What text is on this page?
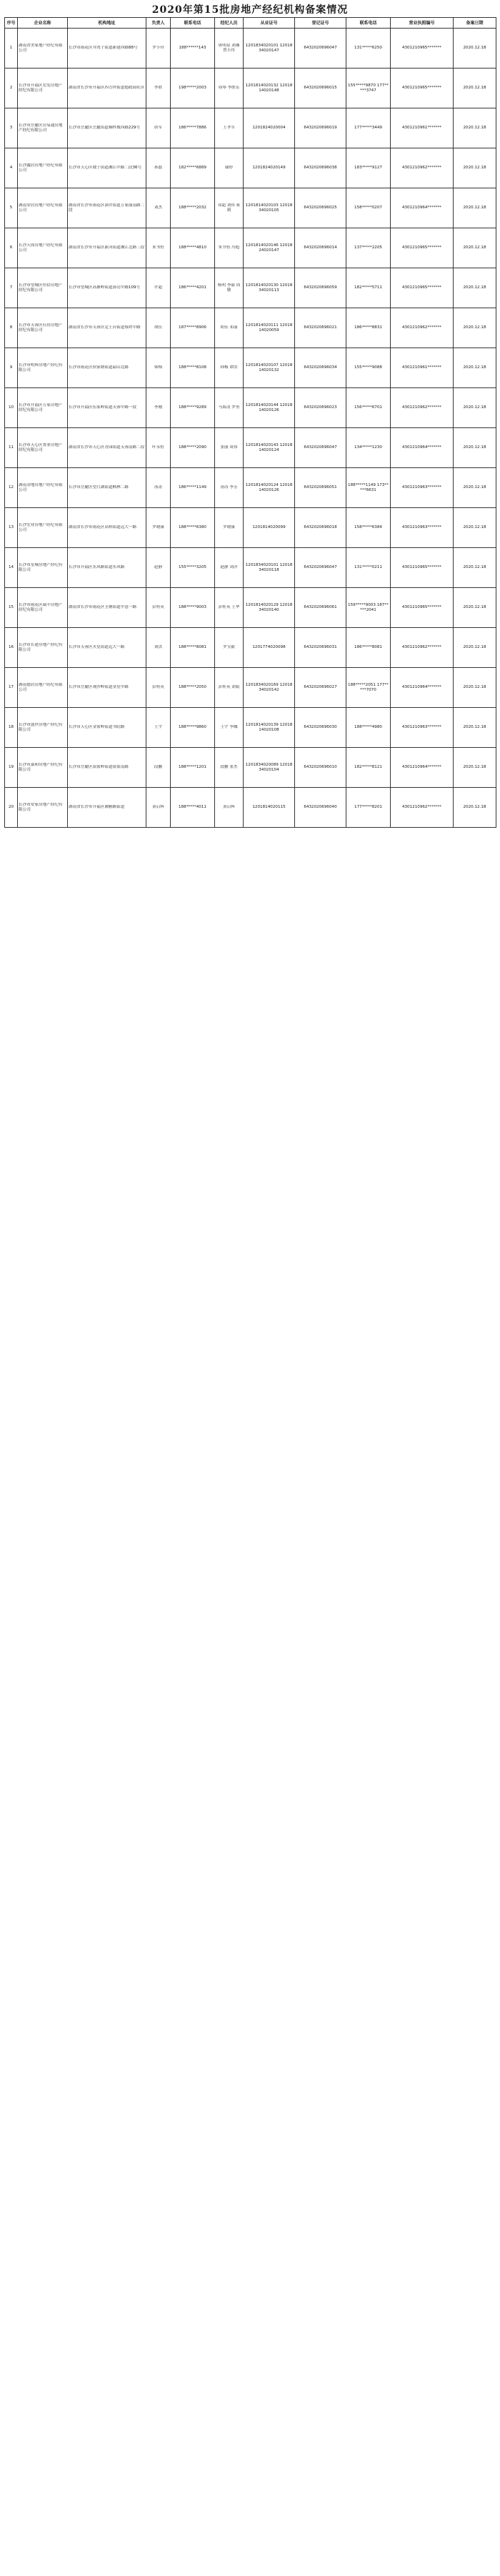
2020年第15批房地产经纪机构备案情况
序号	企业名称	机构地址	负责人	联系电话	经纪人员	从业证号	登记证号	联系电话	营业执照编号	备案日期

1	湖南省美家地产经纪有限公司	长沙市雨花区井湾子街道新建西路88号	罗小玲	188******143	唐明泉 刘湘 曾小玲	1201834020101 1201834020147	6432020696047	131*****6250	4301210965*******	2020.12.18

2	长沙市开福区宏发房地产经纪有限公司	湖南省长沙市开福区四方坪街道德政园社区	李胜	198*****2003	周琴 李胜乐	1201814020132 1201814020148	6432020696015	155*****9870 177*****3747	4301210965*******	2020.12.18

3	长沙市岳麓区房易通房地产经纪有限公司	长沙市岳麓区岳麓街道桐梓坡西路229号	唐军	186*****7886	王孝军	1201824020004	6432020696019	177*****3449	4301210961*******	2020.12.18

4	长沙鑫居房地产经纪有限公司	长沙市天心区坡子街道湘江中路二段36号	孙磊	182*****6889	谢婷	1201824020149	6432020696038	183*****9127	4301210962*******	2020.12.18

5	湖南安居房地产经纪有限公司	湖南省长沙市雨花区洞井街道万家丽南路二段	刘杰	188*****2032	邓超 刘伟 蒋莉	1201814020103 1201834020105	6432020696025	158*****0207	4301210964*******	2020.12.18

6	长沙天成房地产经纪有限公司	湖南省长沙市开福区新河街道湘江北路三段	朱书恒	188*****4810	朱书恒 冯旭	1201814020146 1201824020147	6432020696014	137*****2205	4301210965*******	2020.12.18

7	长沙市望城区恒信房地产经纪有限公司	长沙市望城区高塘岭街道郭亮中路109号	许超	186*****4201	杨明 李丽 周敏	1201814020130 1201834020113	6432020696059	182*****5711	4301210965*******	2020.12.18

8	长沙市芙蓉区佳居房地产经纪有限公司	湖南省长沙市芙蓉区定王台街道蔡锷中路	胡佳	187*****8906	胡佳 邓丽	1201814020111 1201814020059	6432020696021	186*****8831	4301210962*******	2020.12.18

9	长沙市明辉房地产经纪有限公司	长沙市雨花区侯家塘街道韶山北路	韩梅	188*****8108	韩梅 谭浩	1201814020107 1201814020132	6432020696034	155*****9088	4301210961*******	2020.12.18

10	长沙市开福区万家房地产经纪有限公司	长沙市开福区伍家岭街道芙蓉中路一段	李刚	188*****9289	马海清 罗勇	1201814020144 1201814020126	6432020696023	156*****6701	4301210962*******	2020.12.18

11	长沙市天心区置业房地产经纪有限公司	湖南省长沙市天心区青园街道芙蓉南路二段	叶永恒	188*****2090	张丽 周伟	1201814020143 1201814020124	6432020696047	134*****1230	4301210964*******	2020.12.18

12	湖南金地房地产经纪有限公司	长沙市岳麓区望月湖街道枫林二路	汤涛	186*****1149	汤涛 李芳	1201814020124 1201814020126	6432020696051	188*****1149 173*****6631	4301210963*******	2020.12.18

13	长沙宏业房地产经纪有限公司	湖南省长沙市雨花区高桥街道远大一路	罗晓康	188*****6380	罗晓康	1201814020099	6432020696018	158*****6384	4301210963*******	2020.12.18

14	长沙市星城房地产经纪有限公司	长沙市开福区东风路街道东风路	赵静	155*****3205	赵静 刘洋	1201834020101 1201834020118	6432020696047	131*****0211	4301210965*******	2020.12.18

15	长沙市雨花区瑞丰房地产经纪有限公司	湖南省长沙市雨花区圭塘街道中意一路	彭桂英	188*****9003	彭桂英 王华	1201814020129 1201834020140	6432020696061	159*****9003 187*****2041	4301210965*******	2020.12.18

16	长沙市长建房地产经纪有限公司	长沙市芙蓉区火星街道远大一路	刘洪	188*****8081	罗宝毅	1201774020098	6432020696031	186*****8081	4301210962*******	2020.12.18

17	湖南德居房地产经纪有限公司	长沙市岳麓区观沙岭街道金星中路	彭桂英	188*****2050	彭桂英 刘娟	1201834020169 1201834020142	6432020696027	188*****2051 177*****7070	4301210964*******	2020.12.18

18	长沙市盛世房地产经纪有限公司	长沙市天心区金盆岭街道书院路	王宇	188*****9860	王宇 李娜	1201814020139 1201814020108	6432020696030	188*****4980	4301210963*******	2020.12.18

19	长沙市嘉和房地产经纪有限公司	长沙市岳麓区银盆岭街道银盆南路	段鹏	188*****1201	段鹏 张杰	1201834020089 1201834020104	6432020696010	182*****8121	4301210964*******	2020.12.18

20	长沙市安家房地产经纪有限公司	湖南省长沙市开福区湘雅路街道	黄启辉	188*****4011	黄启辉	1201814020115	6432020696040	177*****8201	4301210962*******	2020.12.18
